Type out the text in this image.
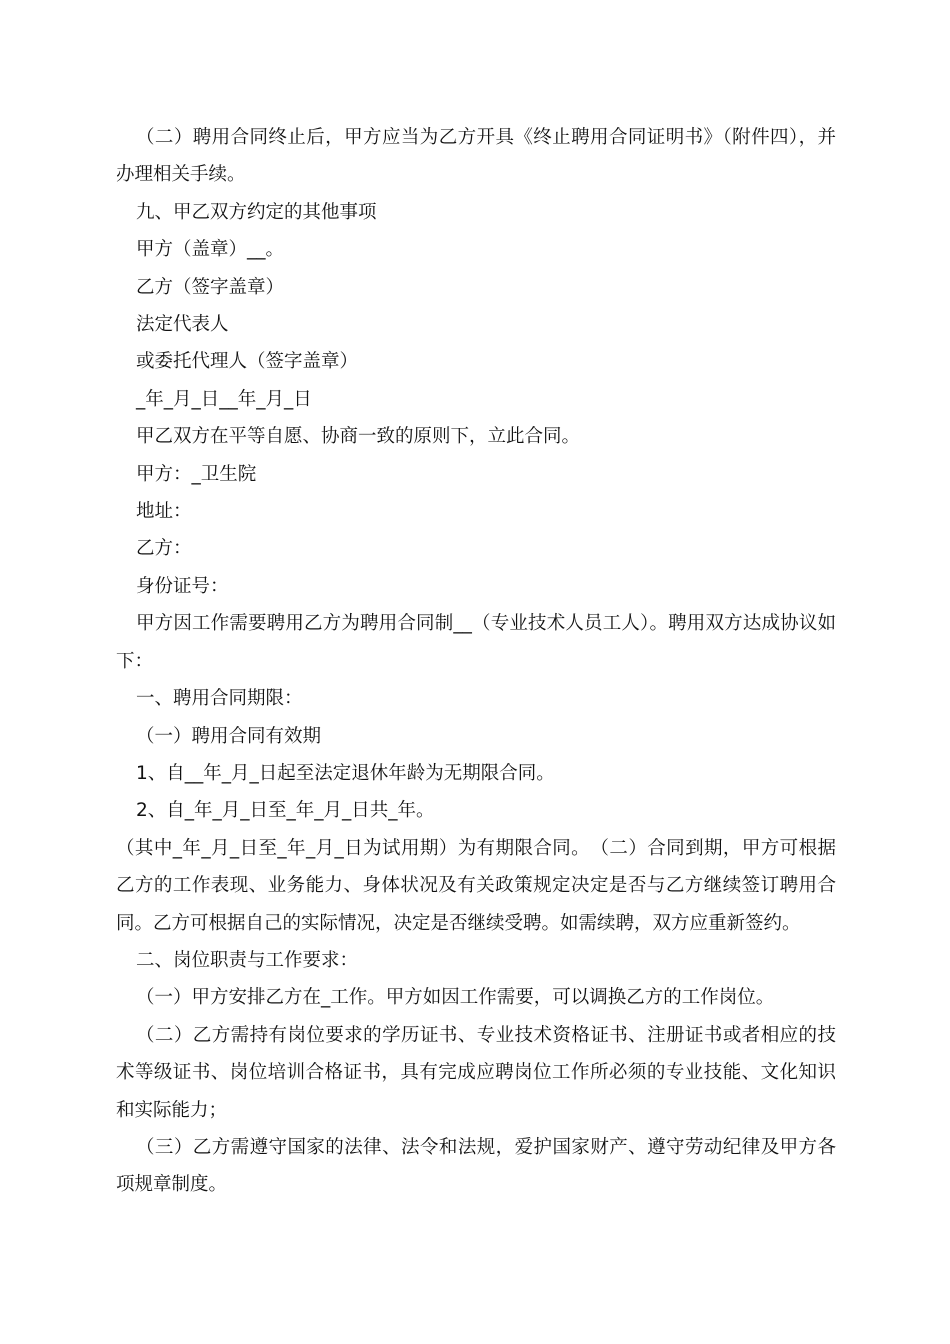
（二）聘用合同终止后，甲方应当为乙方开具《终止聘用合同证明书》（附件四），并办理相关手续。

九、甲乙双方约定的其他事项

甲方（盖章）__。

乙方（签字盖章）

法定代表人

或委托代理人（签字盖章）

_年_月_日__年_月_日

甲乙双方在平等自愿、协商一致的原则下，立此合同。

甲方：_卫生院

地址：

乙方：

身份证号：

甲方因工作需要聘用乙方为聘用合同制__（专业技术人员工人）。聘用双方达成协议如下：

一、聘用合同期限：

（一）聘用合同有效期

1、自__年_月_日起至法定退休年龄为无期限合同。

2、自_年_月_日至_年_月_日共_年。

（其中_年_月_日至_年_月_日为试用期）为有期限合同。　（二）合同到期，甲方可根据乙方的工作表现、业务能力、身体状况及有关政策规定决定是否与乙方继续签订聘用合同。乙方可根据自己的实际情况，决定是否继续受聘。如需续聘，双方应重新签约。

二、岗位职责与工作要求：

（一）甲方安排乙方在_工作。甲方如因工作需要，可以调换乙方的工作岗位。

（二）乙方需持有岗位要求的学历证书、专业技术资格证书、注册证书或者相应的技术等级证书、岗位培训合格证书，具有完成应聘岗位工作所必须的专业技能、文化知识和实际能力；

（三）乙方需遵守国家的法律、法令和法规，爱护国家财产、遵守劳动纪律及甲方各项规章制度。
